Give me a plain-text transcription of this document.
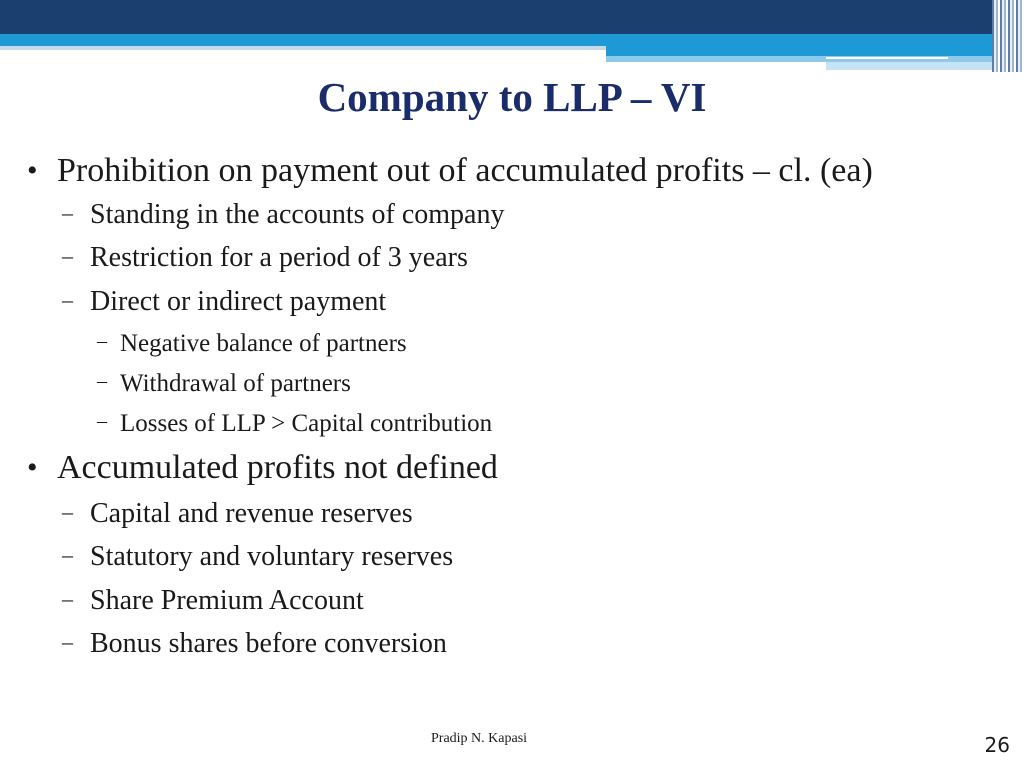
Company to LLP – VI
• Prohibition on payment out of accumulated profits – cl. (ea)
– Standing in the accounts of company
– Restriction for a period of 3 years
– Direct or indirect payment
– Negative balance of partners
– Withdrawal of partners
– Losses of LLP > Capital contribution
• Accumulated profits not defined
– Capital and revenue reserves
– Statutory and voluntary reserves
– Share Premium Account
– Bonus shares before conversion
Pradip N. Kapasi	26
